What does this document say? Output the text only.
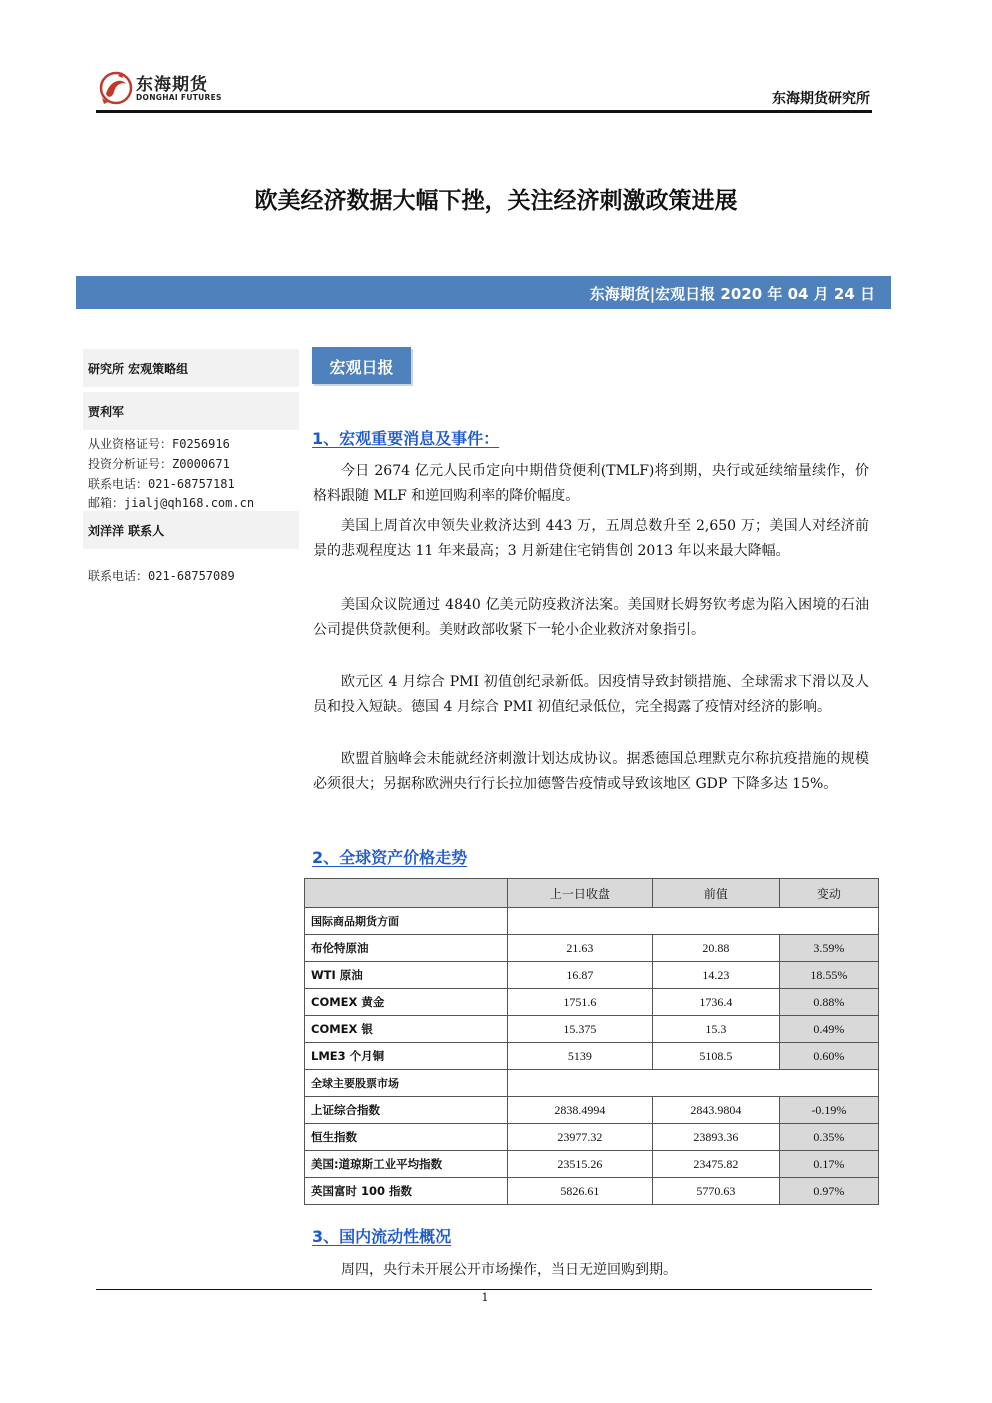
东海期货
DONGHAI FUTURES	东海期货研究所
欧美经济数据大幅下挫，关注经济刺激政策进展
东海期货|宏观日报 2020 年 04 月 24 日
研究所 宏观策略组
贾利军
从业资格证号：F0256916
投资分析证号：Z0000671
联系电话：021-68757181
邮箱：jialj@qh168.com.cn
刘洋洋 联系人
联系电话：021-68757089
宏观日报
1、宏观重要消息及事件：

今日 2674 亿元人民币定向中期借贷便利(TMLF)将到期，央行或延续缩量续作，价格料跟随 MLF 和逆回购利率的降价幅度。

美国上周首次申领失业救济达到 443 万，五周总数升至 2,650 万；美国人对经济前景的悲观程度达 11 年来最高；3 月新建住宅销售创 2013 年以来最大降幅。

美国众议院通过 4840 亿美元防疫救济法案。美国财长姆努钦考虑为陷入困境的石油公司提供贷款便利。美财政部收紧下一轮小企业救济对象指引。

欧元区 4 月综合 PMI 初值创纪录新低。因疫情导致封锁措施、全球需求下滑以及人员和投入短缺。德国 4 月综合 PMI 初值纪录低位，完全揭露了疫情对经济的影响。

欧盟首脑峰会未能就经济刺激计划达成协议。据悉德国总理默克尔称抗疫措施的规模必须很大；另据称欧洲央行行长拉加德警告疫情或导致该地区 GDP 下降多达 15%。

2、全球资产价格走势
	上一日收盘	前值	变动
国际商品期货方面			
布伦特原油	21.63	20.88	3.59%
WTI 原油	16.87	14.23	18.55%
COMEX 黄金	1751.6	1736.4	0.88%
COMEX 银	15.375	15.3	0.49%
LME3 个月铜	5139	5108.5	0.60%
全球主要股票市场			
上证综合指数	2838.4994	2843.9804	-0.19%
恒生指数	23977.32	23893.36	0.35%
美国:道琼斯工业平均指数	23515.26	23475.82	0.17%
英国富时 100 指数	5826.61	5770.63	0.97%
3、国内流动性概况

周四，央行未开展公开市场操作，当日无逆回购到期。

1
